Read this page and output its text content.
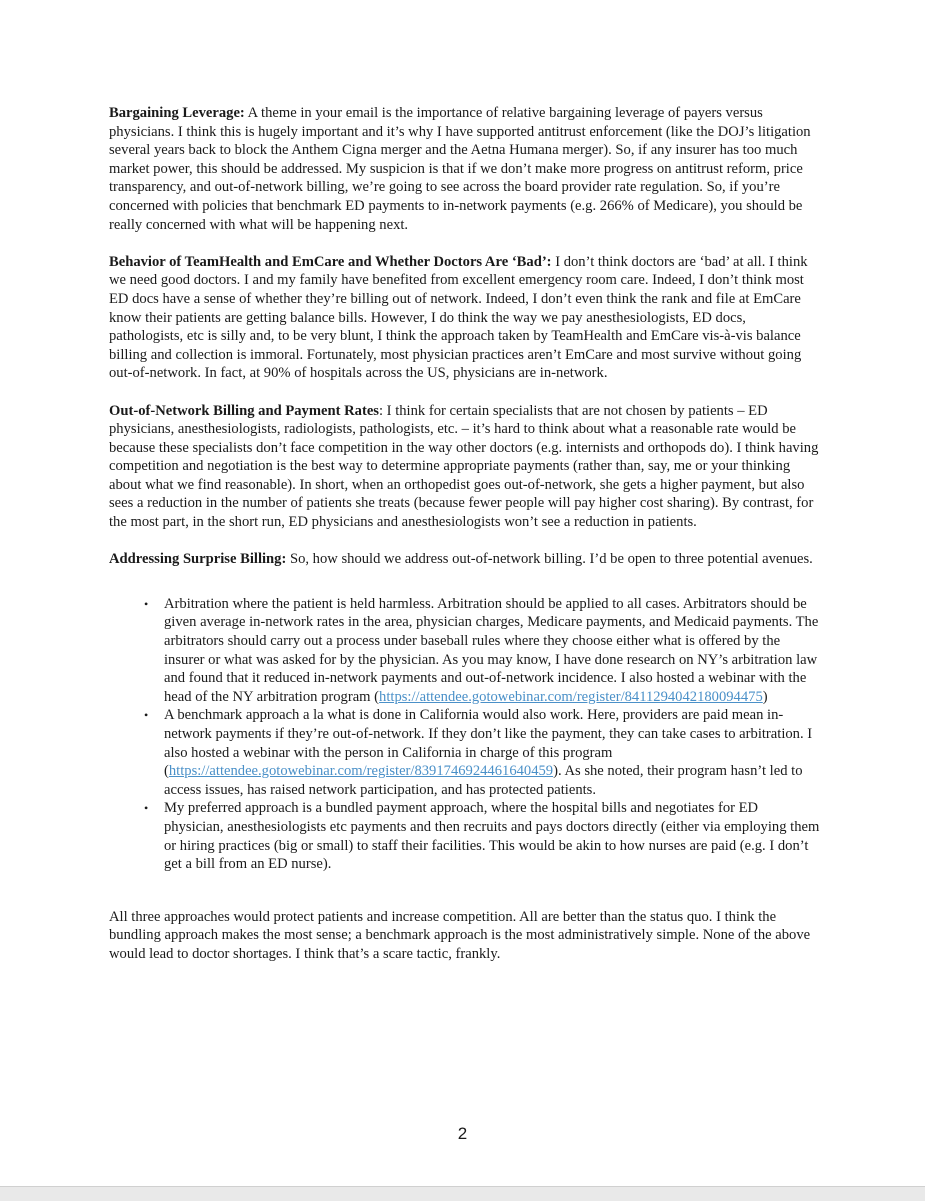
Bargaining Leverage: A theme in your email is the importance of relative bargaining leverage of payers versus physicians. I think this is hugely important and it’s why I have supported antitrust enforcement (like the DOJ’s litigation several years back to block the Anthem Cigna merger and the Aetna Humana merger). So, if any insurer has too much market power, this should be addressed. My suspicion is that if we don’t make more progress on antitrust reform, price transparency, and out-of-network billing, we’re going to see across the board provider rate regulation. So, if you’re concerned with policies that benchmark ED payments to in-network payments (e.g. 266% of Medicare), you should be really concerned with what will be happening next.

Behavior of TeamHealth and EmCare and Whether Doctors Are ‘Bad’: I don’t think doctors are ‘bad’ at all. I think we need good doctors. I and my family have benefited from excellent emergency room care. Indeed, I don’t think most ED docs have a sense of whether they’re billing out of network. Indeed, I don’t even think the rank and file at EmCare know their patients are getting balance bills. However, I do think the way we pay anesthesiologists, ED docs, pathologists, etc is silly and, to be very blunt, I think the approach taken by TeamHealth and EmCare vis-à-vis balance billing and collection is immoral. Fortunately, most physician practices aren’t EmCare and most survive without going out-of-network. In fact, at 90% of hospitals across the US, physicians are in-network.

Out-of-Network Billing and Payment Rates: I think for certain specialists that are not chosen by patients – ED physicians, anesthesiologists, radiologists, pathologists, etc. – it’s hard to think about what a reasonable rate would be because these specialists don’t face competition in the way other doctors (e.g. internists and orthopods do). I think having competition and negotiation is the best way to determine appropriate payments (rather than, say, me or your thinking about what we find reasonable). In short, when an orthopedist goes out-of-network, she gets a higher payment, but also sees a reduction in the number of patients she treats (because fewer people will pay higher cost sharing). By contrast, for the most part, in the short run, ED physicians and anesthesiologists won’t see a reduction in patients.

Addressing Surprise Billing: So, how should we address out-of-network billing. I’d be open to three potential avenues.

• Arbitration where the patient is held harmless. Arbitration should be applied to all cases. Arbitrators should be given average in-network rates in the area, physician charges, Medicare payments, and Medicaid payments. The arbitrators should carry out a process under baseball rules where they choose either what is offered by the insurer or what was asked for by the physician. As you may know, I have done research on NY’s arbitration law and found that it reduced in-network payments and out-of-network incidence. I also hosted a webinar with the head of the NY arbitration program (https://attendee.gotowebinar.com/register/8411294042180094475)
• A benchmark approach a la what is done in California would also work. Here, providers are paid mean in-network payments if they’re out-of-network. If they don’t like the payment, they can take cases to arbitration. I also hosted a webinar with the person in California in charge of this program (https://attendee.gotowebinar.com/register/8391746924461640459). As she noted, their program hasn’t led to access issues, has raised network participation, and has protected patients.
• My preferred approach is a bundled payment approach, where the hospital bills and negotiates for ED physician, anesthesiologists etc payments and then recruits and pays doctors directly (either via employing them or hiring practices (big or small) to staff their facilities. This would be akin to how nurses are paid (e.g. I don’t get a bill from an ED nurse).

All three approaches would protect patients and increase competition. All are better than the status quo. I think the bundling approach makes the most sense; a benchmark approach is the most administratively simple. None of the above would lead to doctor shortages. I think that’s a scare tactic, frankly.

2
